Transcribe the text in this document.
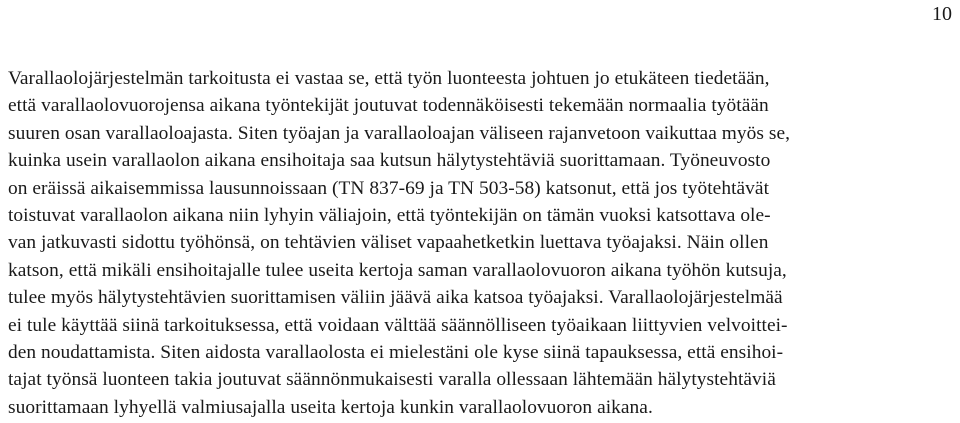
10

Varallaolojärjestelmän tarkoitusta ei vastaa se, että työn luonteesta johtuen jo etukäteen tiedetään,
että varallaolovuorojensa aikana työntekijät joutuvat todennäköisesti tekemään normaalia työtään
suuren osan varallaoloajasta. Siten työajan ja varallaoloajan väliseen rajanvetoon vaikuttaa myös se,
kuinka usein varallaolon aikana ensihoitaja saa kutsun hälytystehtäviä suorittamaan. Työneuvosto
on eräissä aikaisemmissa lausunnoissaan (TN 837-69 ja TN 503-58) katsonut, että jos työtehtävät
toistuvat varallaolon aikana niin lyhyin väliajoin, että työntekijän on tämän vuoksi katsottava ole-
van jatkuvasti sidottu työhönsä, on tehtävien väliset vapaahetketkin luettava työajaksi. Näin ollen
katson, että mikäli ensihoitajalle tulee useita kertoja saman varallaolovuoron aikana työhön kutsuja,
tulee myös hälytystehtävien suorittamisen väliin jäävä aika katsoa työajaksi. Varallaolojärjestelmää
ei tule käyttää siinä tarkoituksessa, että voidaan välttää säännölliseen työaikaan liittyvien velvoittei-
den noudattamista. Siten aidosta varallaolosta ei mielestäni ole kyse siinä tapauksessa, että ensihoi-
tajat työnsä luonteen takia joutuvat säännönmukaisesti varalla ollessaan lähtemään hälytystehtäviä
suorittamaan lyhyellä valmiusajalla useita kertoja kunkin varallaolovuoron aikana.
